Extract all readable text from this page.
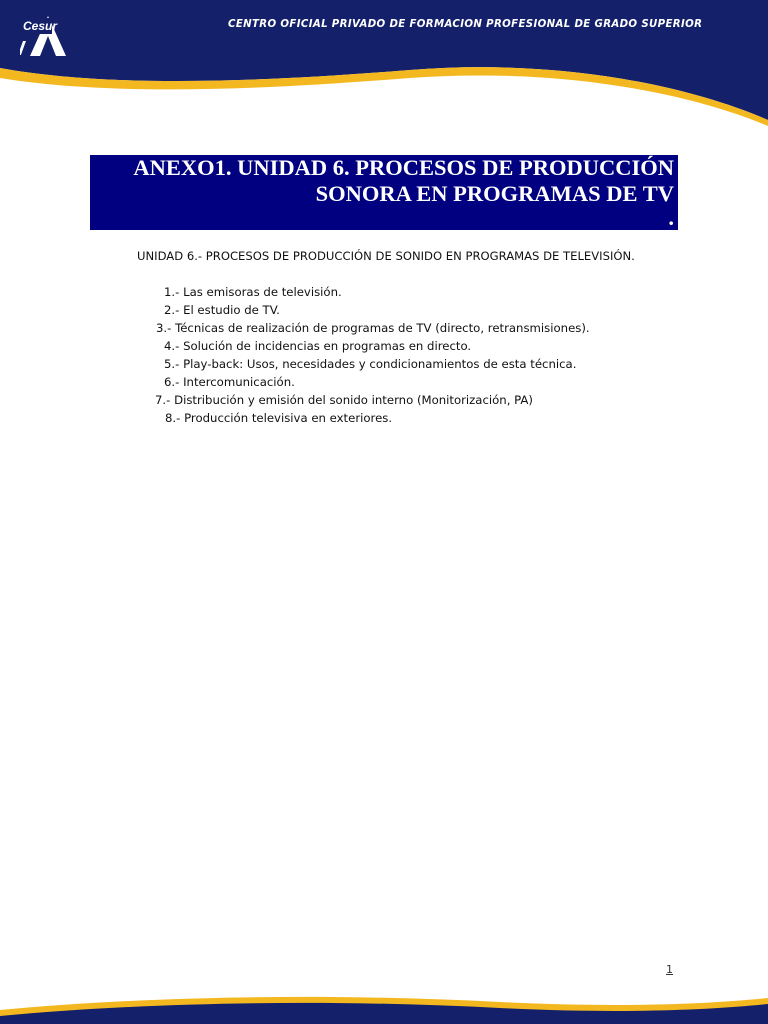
Cesur	CENTRO OFICIAL PRIVADO DE FORMACION PROFESIONAL DE GRADO SUPERIOR
ANEXO1. UNIDAD 6. PROCESOS DE PRODUCCIÓN
SONORA EN PROGRAMAS DE TV
.
UNIDAD 6.- PROCESOS DE PRODUCCIÓN DE SONIDO EN PROGRAMAS DE TELEVISIÓN.
1.- Las emisoras de televisión.
2.- El estudio de TV.
3.- Técnicas de realización de programas de TV (directo, retransmisiones).
4.- Solución de incidencias en programas en directo.
5.- Play-back: Usos, necesidades y condicionamientos de esta técnica.
6.- Intercomunicación.
7.- Distribución y emisión del sonido interno (Monitorización, PA)
8.- Producción televisiva en exteriores.
1
